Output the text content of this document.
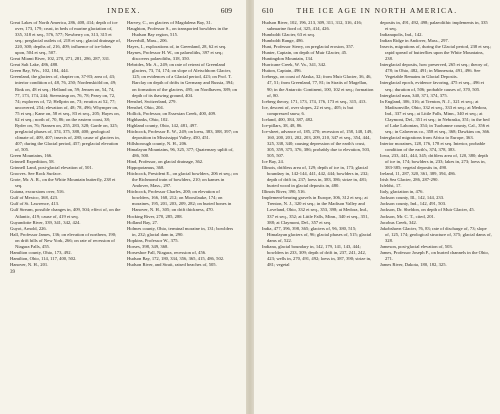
INDEX.	609

Great Lakes of North America, 286, 408, 414; depth of ice over, 173, 179; crust, in beds of marine glaciation of, 335, 318 et seq., 576, 577; Newberry on, 313, 315 et seq.; preglacial outlets of, 218 et seq.; glacial drainage of, 220, 300; depths of, 216, 409; influence of ice-lobes upon, 504 et seq., 507.

Great Miami River, 102, 270, 271, 281, 286, 287, 331.

Great Salt Lake, 486, 488.

Green Bay, Wis., 102, 184, 444.

Greenland, the glaciers of, chapter on, 37-83; area of, 43; interior condition of, 48, 76, 250; Nordenskiöld on, 49; Rink on, 48 et seq.; Helland on, 59; Jensen on, 54, 74, 77, 173, 174, 244; Steenstrup on, 76, 78; Peary on, 72, 74; explorers of, 72; Hellprin on, 73; erratics at 52, 77; uncovered, 254; elevation of, 48; 78, 496; Whymper on, 75 et seq.; Kane on, 58 et seq., 83 et seq., 205; Hayes on, 62 et seq.; north of, 70, 86; on the eastern coast, 38; Ryder on, 76; Nansen on, 255, 283, 328; Garde on, 325; preglacial phases of, 374, 375, 388, 400; geological climate of, 409, 407; insects of, 280; cause of glaciers in, 407; during the Glacial period, 457; preglacial elevation of, 505.

Green Mountains, 166.

Grinnell Expedition, 58.

Grinnell Land, post-glacial elevation of, 501.

Grooves. See Rock Surface.

Grote, Mr. A. R., on the White Mountain butterfly, 238 et seq.

Guiana, excursions over, 516.

Gulf of Mexico, 368, 423.

Gulf of St. Lawrence, 413.

Gulf Stream, possible changes in, 409, 504; effect of, on the Atlantic, 419; cause of, 419 et seq.

Guyandotte River, 339, 341, 342, 424.

Guyot, Arnold, 226.

Hall, Professor James, 136; on elevation of northern, 190; on drift hills of New York, 266; on rate of recession of Niagara Falls, 455.

Hamilton county, Ohio, 173, 492.

Hamilton, Ohio, 114, 117, 400, 502.

Hanover, N. H., 201.

Harvey, C., on glaciers of Magdalena Bay, 31.

Haughton, Professor S., on transported bowlders in the Hudson Bay region, 515.

Haverhill, Mass., 206.

Hayes, I., explorations of, in Greenland, 28, 62 et seq.

Haynes, Professor H. W., on palaeoliths, 397 et seq.; discovers palaeoliths, 318, 350.

Hebrides, Mr. A., 249; on rate of retreat of Greenland glaciers, 73, 74, 174; on slope of Aletschhorn Glacier, 125; on evidences of a Glacial period, 423; on Prof. T. Barclay on depth of drifts in Germany and Russia, 394; on formation of the glaciers, 495; on Nordhaven, 389; on depth of its thawing ground, 404.

Henshel, Switzerland, 279.

Henshel, Ohio, 204.

Hollick, Professor, on Essexian Creek, 400, 409.

Highbanks, Ohio, 102.

Highland county, Ohio, 142, 481, 497.

Hitchcock, Professor E. W., 249; on loess, 383, 388, 397; on deposition in Mississippi Valley, 450, 451.

Hillsborough county, N. H., 206.

Himalayan Mountains, 96, 325, 377; Quaternary uplift of, 486, 500.

Hind, Professor, on glacial drainage, 362.

Hippopotamus, 368.

Hitchcock, President E., on glacial bowlders, 206 et seq.; on the Richmond train of bowlders, 210; on kames in Andover, Mass., 297.

Hitchcock, Professor Charles, 200; on elevation of bowlders, 166, 168, 212; on Moosilauke, 174; on moraines, 195, 201, 203, 209, 282; on buried bones in Hanover, N. H., 305; on drift thickness, 470.

Hocking River, 270, 285, 288.

Holland Bay, 27.

Holmes county, Ohio, terminal moraine in, 131; bowlders in, 232; glacial dam in, 290.

Hopkins, Professor W., 375.

Horses, 398, 349, 368.

Horseshoe Fall, Niagara, recession of, 456.

Hudson Bay, 172, 180, 334, 356, 365, 415, 486, 502.

Hudson River, and Strait, raised beaches of, 505.

39
610	THE ICE AGE IN NORTH AMERICA.

Hudson River, 102, 196, 213, 309, 311, 312, 316, 416; submarine fiord of, 325, 414, 426.

Humboldt Glacier, 63 et seq.

Humboldt Range, 486.

Hunt, Professor Sterry, on preglacial erosion, 357.

Hunter, Captain, on depth of Muir Glacier, 45.

Huntingdon Mountain, 134.

Hurricane Creek, W. Va., 341, 342.

Hutton, Captain, 496.

Icebergs, on coast of Alaska, 32; from Muir Glacier, 36, 46, 47, 51; from Greenland, 77, 81; in Straits of Magellan, 90; in the Antarctic Continent, 100, 102 et seq.; formation of, 80.

Iceberg theory, 171, 173, 174, 176, 173 et seq., 315, 413.

Ice, descent of, over slopes, 22 et seq., 405; is but compressed snow, 6.

Iceland, 400, 384, 387, 482.

Ice-pillars, 38, 48, 86.

Ice-sheet, advance of, 185, 270; recession of, 158, 148, 149, 160, 200, 201, 202, 203, 209, 210, 347 et seq., 354, 444, 325, 338, 340; causing depression of the earth's crust, 305, 359, 375, 376, 386; probably due to elevation, 503, 505, 507.

Ice Bay, 24.

Illinois, driftless area of, 129; depth of ice in, 173; glacial boundary in, 142-144, 441, 442, 444; bowlders in, 232; depth of drift in, 237; loess in, 383, 386; strize in, 481; buried wood in glacial deposits in, 480.

Illinois River, 390, 516.

Implement-bearing gravels in Europe, 306, 312 et seq.; at Trenton, N. J., 320 et seq.; in the Madison Valley and Loveland, Ohio, 332 et seq., 353, 398; at Medora, Ind., 337 et seq., 352; at Little Falls, Minn., 340 et seq., 351, 388; at Claymont, Del., 357 et seq.

India, 477, 396, 398, 365; glaciers of, 96, 380, 515; Himalayan glaciers of, 96; glacial phases of, 515; glacial dams of, 522.

Indiana, glacial boundary in, 142, 179, 141, 143, 444; bowlders in 233, 309; depth of drift in, 237, 241, 242, 423; wells in, 270, 491, 492; loess in, 387, 390; strize in, 481; vegetal

deposits in, 491, 492, 498; palaeolithic implements in, 335 et seq.

Indianapolis, Ind., 142.

Indian Ridge in Andover, Mass., 297.

Insects, migrations of, during the Glacial period, 238 et seq.; rapid spread of butterflies upon the White Mountains, 238.

Interglacial deposits, how preserved, 265 et seq.; theory of, 478; in Ohio, 482, 491; in Minnesota, 491, 496. See Vegetable Remains in Glacial Deposits.

Interglacial epoch, evidence favoring, 475 et seq., 496 et seq.; duration of, 506; probable causes of, 370, 505.

Interglacial man, 340, 371, 374, 375.

In England, 306, 316; at Trenton, N. J., 321 et seq.; at Madisonville, Ohio, 332 et seq., 333 et seq.; at Medora, Ind., 337 et seq.; at Little Falls, Minn., 340 et seq.; at Claymont, Del., 351 et seq.; in Nebraska, 351; in the bed of Lake Lahontan, 354; in Tuolumne county, Cal., 356 et seq.; in Calaveras co., 358 et seq., 368; Dawkins on, 366.

Interglacial migrations from Africa to Europe, 363.

Interior moraines, 128, 176, 178 et seq. Interior, probable condition of the earth's, 374, 378, 383.

Iowa, 233, 441, 444, 345; driftless area of, 120, 380; depth of ice in, 174; bowlders in, 233; lakes in, 273; loess in, 383-385; vegetal deposits in, 490.

Ireland, 11, 287, 320, 361, 389, 394, 486.

Irish Sea Glacier, 286, 287-290.

Isfeldst, 17.

Italy, glaciation in, 476.

Jackson county, Ill., 142, 144, 233.

Jackson county, Ind., 142, 491, 503.

Jackson, Dr. Sheldon, on depth of Muir Glacier, 45.

Jackson, Mr. C. T., cited, 201.

Jacobus Creek, 342.

Jakobshavn Glacier, 76, 83; rate of discharge of, 73; slope of, 125, 174; geological structure of, 375; glacial dams of, 328.

Jameson, post-glacial elevation of, 503.

James, Professor Joseph F., on buried channels in the Ohio, 271.

James River, Dakota, 180, 182, 325.
